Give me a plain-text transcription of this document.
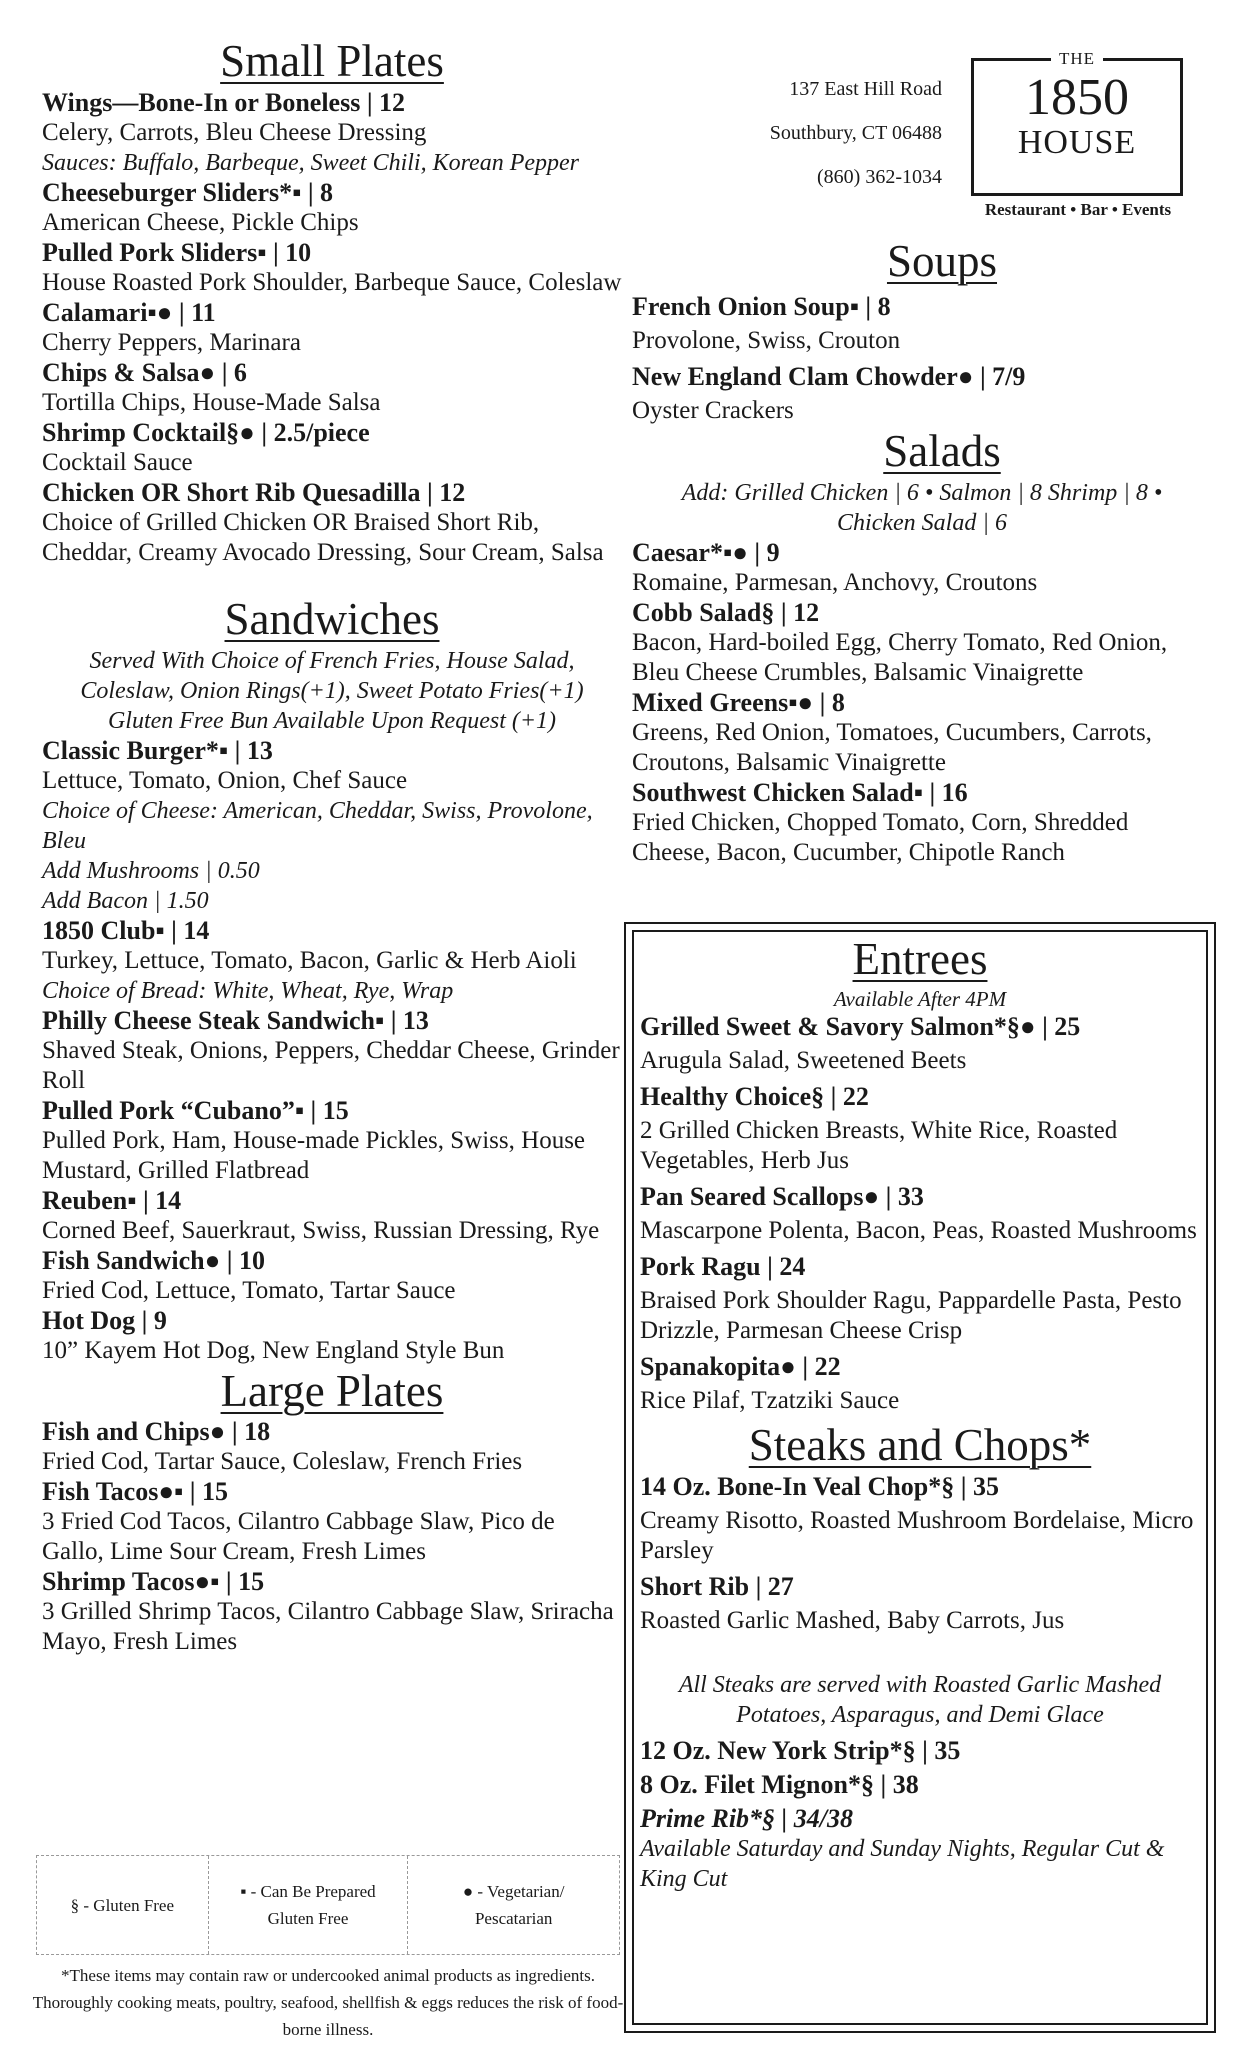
Small Plates
Wings—Bone-In or Boneless | 12
Celery, Carrots, Bleu Cheese Dressing
Sauces: Buffalo, Barbeque, Sweet Chili, Korean Pepper
Cheeseburger Sliders*▪ | 8
American Cheese, Pickle Chips
Pulled Pork Sliders▪ | 10
House Roasted Pork Shoulder, Barbeque Sauce, Coleslaw
Calamari▪● | 11
Cherry Peppers, Marinara
Chips & Salsa● | 6
Tortilla Chips, House-Made Salsa
Shrimp Cocktail§● | 2.5/piece
Cocktail Sauce
Chicken OR Short Rib Quesadilla | 12
Choice of Grilled Chicken OR Braised Short Rib, Cheddar, Creamy Avocado Dressing, Sour Cream, Salsa
Sandwiches
Served With Choice of French Fries, House Salad, Coleslaw, Onion Rings(+1), Sweet Potato Fries(+1) Gluten Free Bun Available Upon Request (+1)
Classic Burger*▪ | 13
Lettuce, Tomato, Onion, Chef Sauce
Choice of Cheese: American, Cheddar, Swiss, Provolone, Bleu
Add Mushrooms | 0.50
Add Bacon | 1.50
1850 Club▪ | 14
Turkey, Lettuce, Tomato, Bacon, Garlic & Herb Aioli
Choice of Bread: White, Wheat, Rye, Wrap
Philly Cheese Steak Sandwich▪ | 13
Shaved Steak, Onions, Peppers, Cheddar Cheese, Grinder Roll
Pulled Pork “Cubano”▪ | 15
Pulled Pork, Ham, House-made Pickles, Swiss, House Mustard, Grilled Flatbread
Reuben▪ | 14
Corned Beef, Sauerkraut, Swiss, Russian Dressing, Rye
Fish Sandwich● | 10
Fried Cod, Lettuce, Tomato, Tartar Sauce
Hot Dog | 9
10” Kayem Hot Dog, New England Style Bun
Large Plates
Fish and Chips● | 18
Fried Cod, Tartar Sauce, Coleslaw, French Fries
Fish Tacos●▪ | 15
3 Fried Cod Tacos, Cilantro Cabbage Slaw, Pico de Gallo, Lime Sour Cream, Fresh Limes
Shrimp Tacos●▪ | 15
3 Grilled Shrimp Tacos, Cilantro Cabbage Slaw, Sriracha Mayo, Fresh Limes
§ - Gluten Free
▪ - Can Be Prepared Gluten Free
● - Vegetarian/ Pescatarian
*These items may contain raw or undercooked animal products as ingredients. Thoroughly cooking meats, poultry, seafood, shellfish & eggs reduces the risk of food-borne illness.
137 East Hill Road
Southbury, CT 06488
(860) 362-1034
THE
1850
HOUSE
Restaurant • Bar • Events
Soups
French Onion Soup▪ | 8
Provolone, Swiss, Crouton
New England Clam Chowder● | 7/9
Oyster Crackers
Salads
Add: Grilled Chicken | 6 • Salmon | 8 Shrimp | 8 • Chicken Salad | 6
Caesar*▪● | 9
Romaine, Parmesan, Anchovy, Croutons
Cobb Salad§ | 12
Bacon, Hard-boiled Egg, Cherry Tomato, Red Onion, Bleu Cheese Crumbles, Balsamic Vinaigrette
Mixed Greens▪● | 8
Greens, Red Onion, Tomatoes, Cucumbers, Carrots, Croutons, Balsamic Vinaigrette
Southwest Chicken Salad▪ | 16
Fried Chicken, Chopped Tomato, Corn, Shredded Cheese, Bacon, Cucumber, Chipotle Ranch
Entrees
Available After 4PM
Grilled Sweet & Savory Salmon*§● | 25
Arugula Salad, Sweetened Beets
Healthy Choice§ | 22
2 Grilled Chicken Breasts, White Rice, Roasted Vegetables, Herb Jus
Pan Seared Scallops● | 33
Mascarpone Polenta, Bacon, Peas, Roasted Mushrooms
Pork Ragu | 24
Braised Pork Shoulder Ragu, Pappardelle Pasta, Pesto Drizzle, Parmesan Cheese Crisp
Spanakopita● | 22
Rice Pilaf, Tzatziki Sauce
Steaks and Chops*
14 Oz. Bone-In Veal Chop*§ | 35
Creamy Risotto, Roasted Mushroom Bordelaise, Micro Parsley
Short Rib | 27
Roasted Garlic Mashed, Baby Carrots, Jus
All Steaks are served with Roasted Garlic Mashed Potatoes, Asparagus, and Demi Glace
12 Oz. New York Strip*§ | 35
8 Oz. Filet Mignon*§ | 38
Prime Rib*§ | 34/38
Available Saturday and Sunday Nights, Regular Cut & King Cut
